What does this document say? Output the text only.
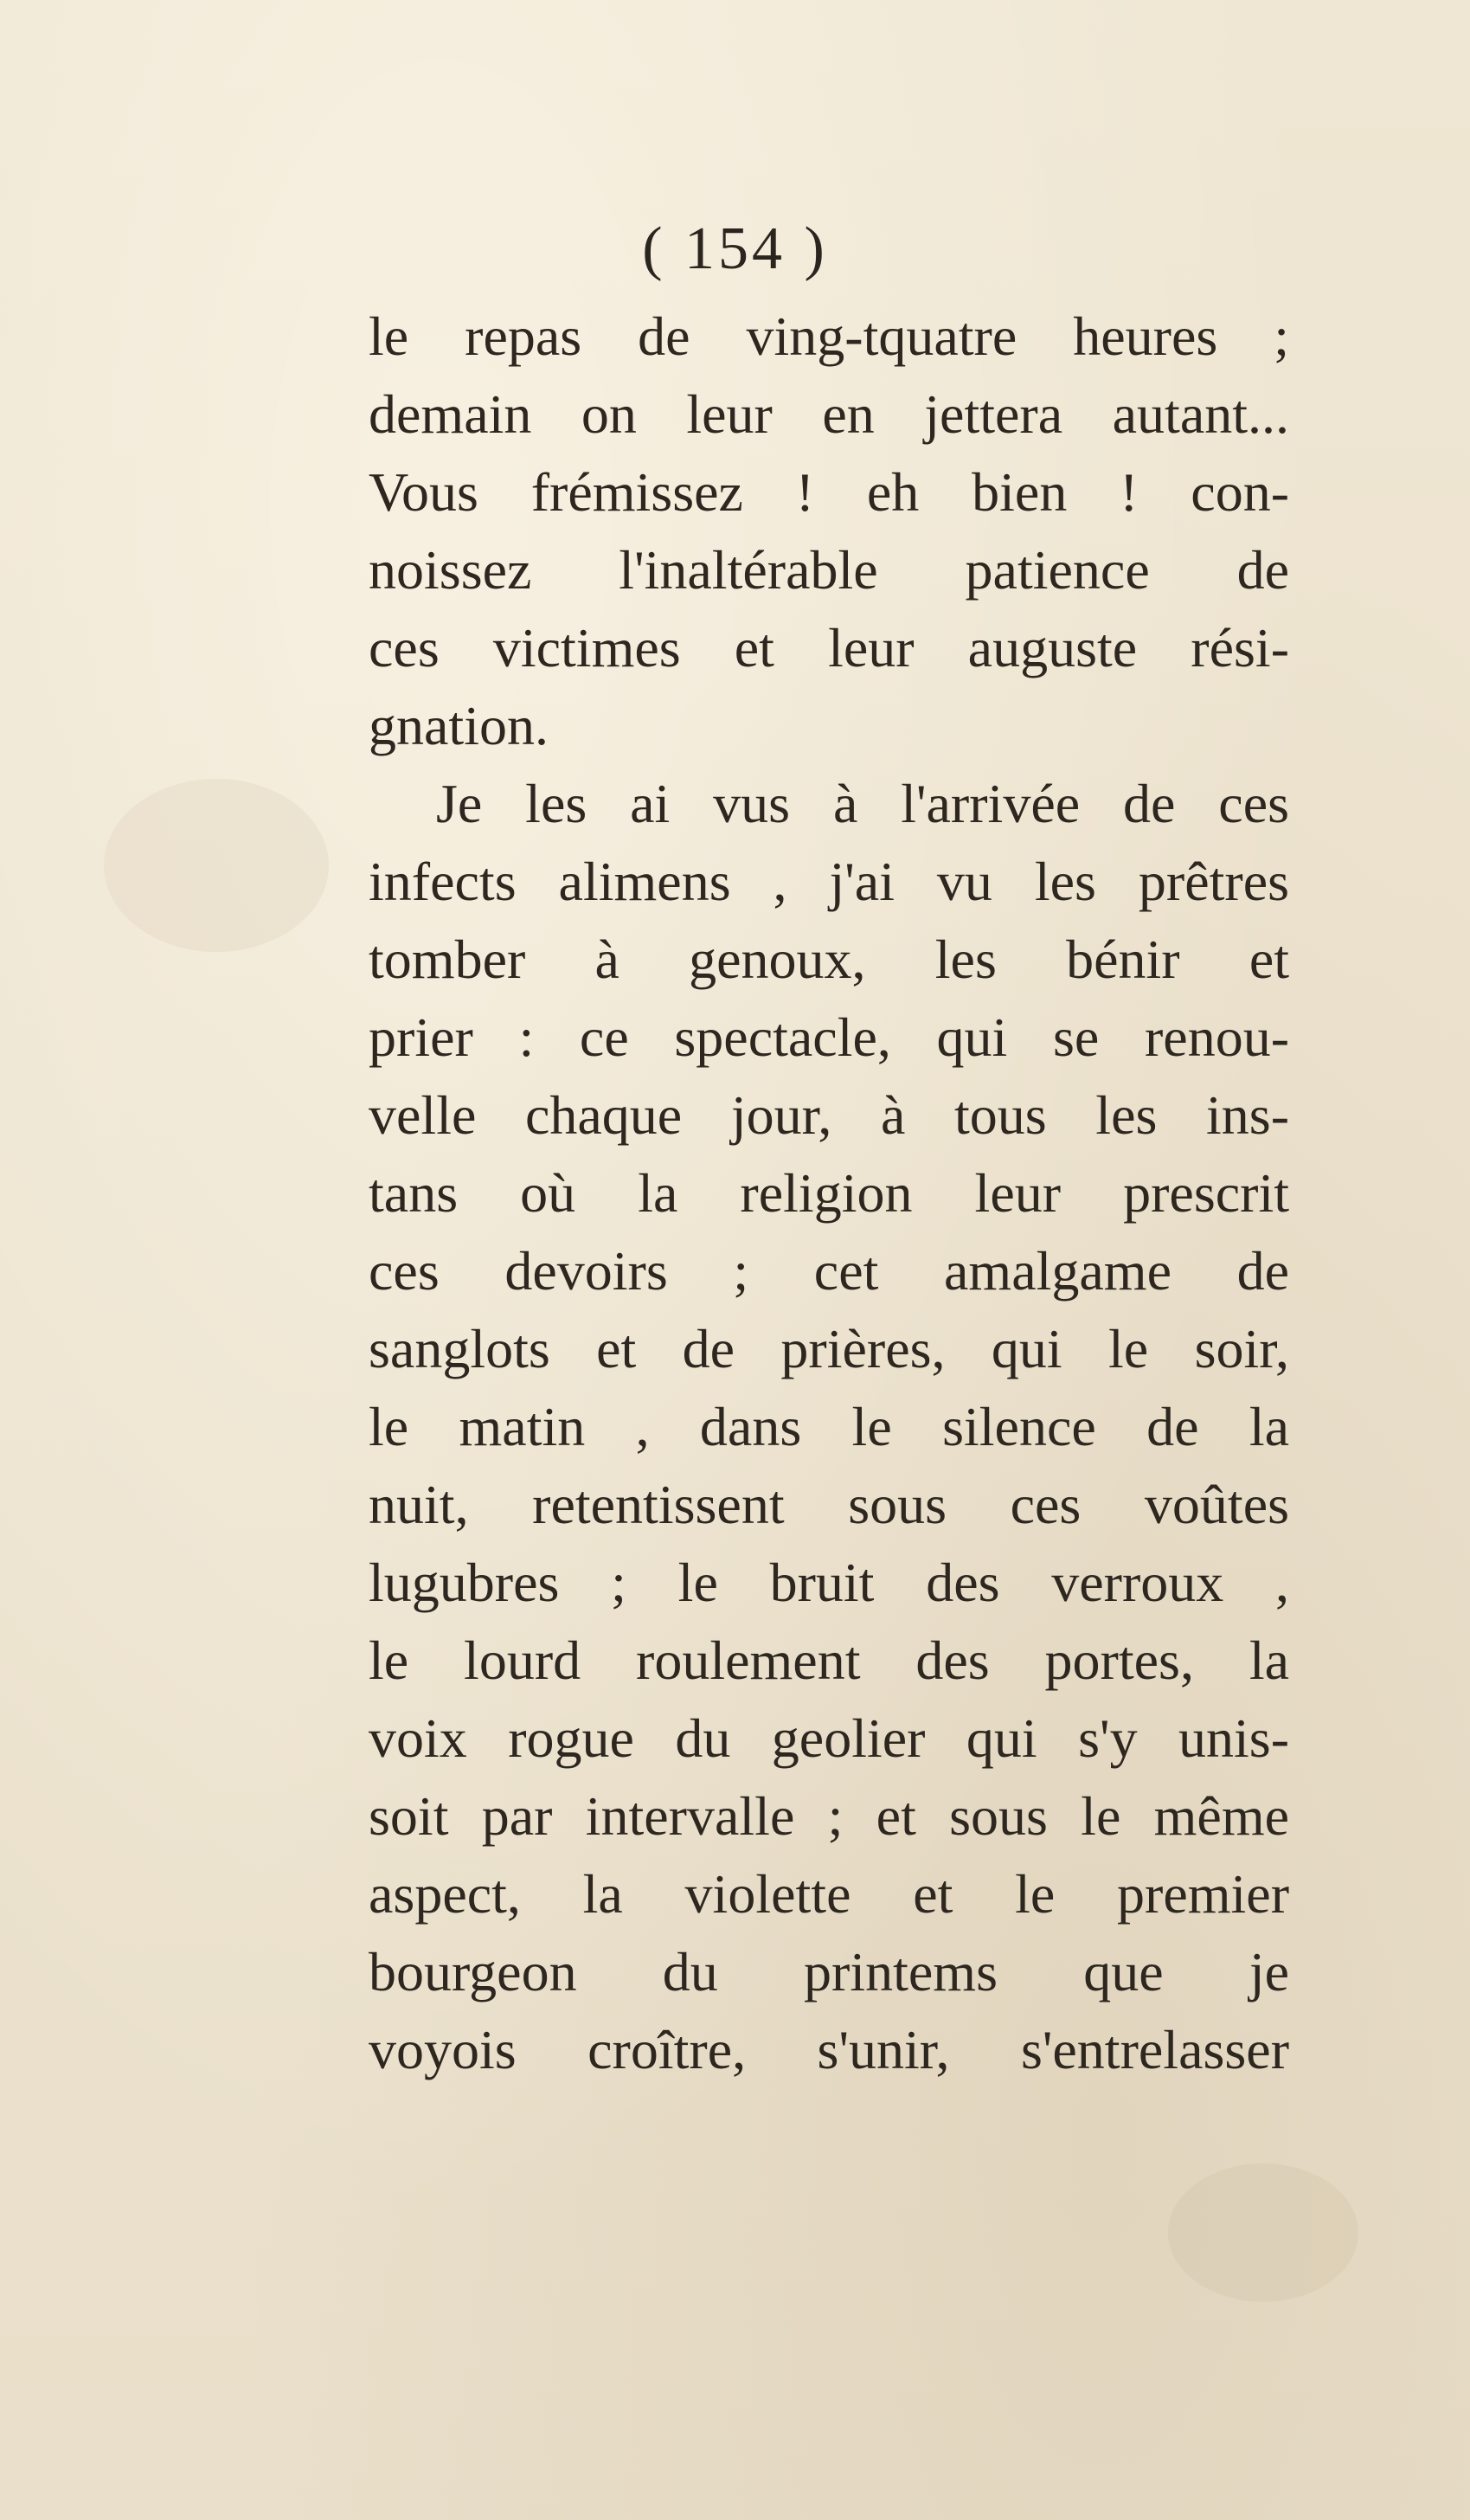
( 154 )
le repas de ving-tquatre heures ;
demain on leur en jettera autant...
Vous frémissez ! eh bien ! con-
noissez l'inaltérable patience de
ces victimes et leur auguste rési-
gnation.
Je les ai vus à l'arrivée de ces
infects alimens , j'ai vu les prêtres
tomber à genoux, les bénir et
prier : ce spectacle, qui se renou-
velle chaque jour, à tous les ins-
tans où la religion leur prescrit
ces devoirs ; cet amalgame de
sanglots et de prières, qui le soir,
le matin , dans le silence de la
nuit, retentissent sous ces voûtes
lugubres ; le bruit des verroux ,
le lourd roulement des portes, la
voix rogue du geolier qui s'y unis-
soit par intervalle ; et sous le même
aspect, la violette et le premier
bourgeon du printems que je
voyois croître, s'unir, s'entrelasser
